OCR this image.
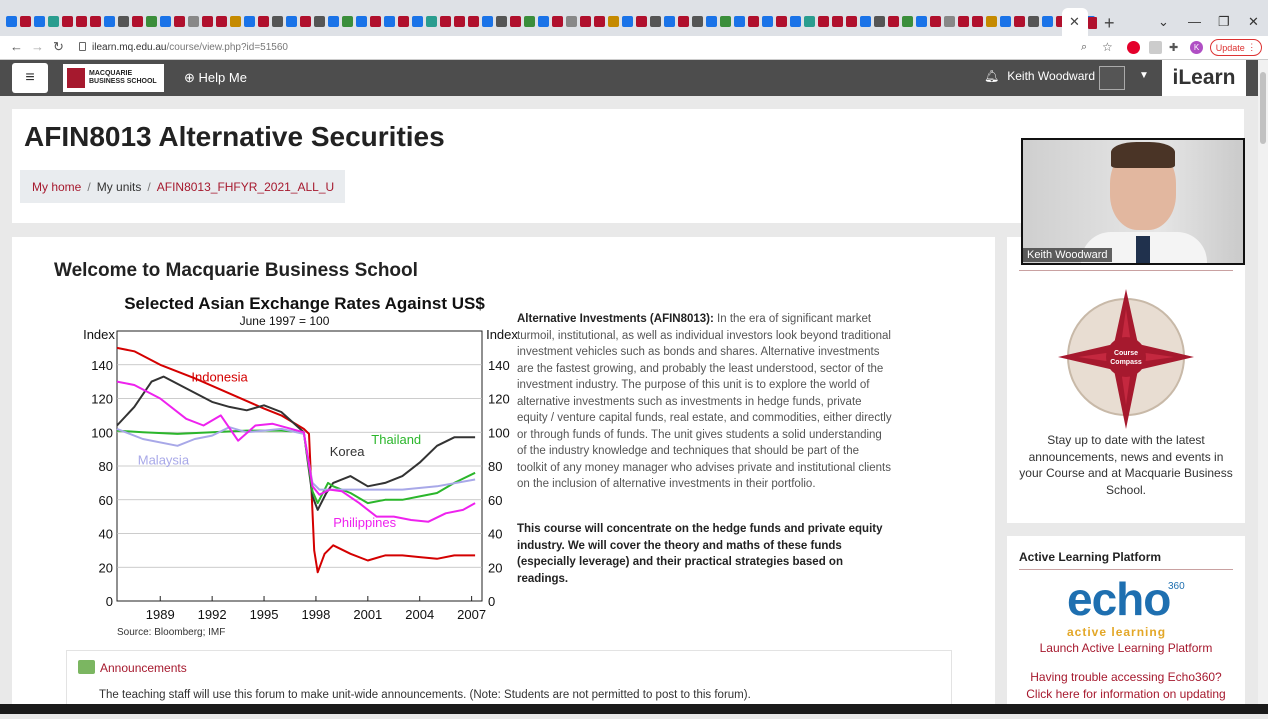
✕ +	⌄ — ❐ ✕
← → ↻	ilearn.mq.edu.au/course/view.php?id=51560	⌕ ☆	✚	K	Update ⋮
≡	MACQUARIE
BUSINESS SCHOOL ⊕ Help Me	🔔︎ Keith Woodward	▼	iLearn
AFIN8013 Alternative Securities
My home / My units / AFIN8013_FHFYR_2021_ALL_U
Welcome to Macquarie Business School
0	0
20	20
40	40
60	60
80	80
100	100
120	120
140	140
1989 1992 1995 1998 2001 2004 2007
Index	Index
Selected Asian Exchange Rates Against US$
June 1997 = 100
Source: Bloomberg; IMF
Indonesia
Korea
Thailand
Malaysia
Philippines
Alternative Investments (AFIN8013): In the era of significant market turmoil, institutional, as well as individual investors look beyond traditional investment vehicles such as bonds and shares. Alternative investments are the fastest growing, and probably the least understood, sector of the investment industry. The purpose of this unit is to explore the world of alternative investments such as investments in hedge funds, private equity / venture capital funds, real estate, and commodities, either directly or through funds of funds. The unit gives students a solid understanding of the industry knowledge and techniques that should be part of the toolkit of any money manager who advises private and institutional clients on the inclusion of alternative investments in their portfolio.
This course will concentrate on the hedge funds and private equity industry. We will cover the theory and maths of these funds (especially leverage) and their practical strategies based on readings.
Announcements
The teaching staff will use this forum to make unit-wide announcements. (Note: Students are not permitted to post to this forum).
Course
Compass
Stay up to date with the latest announcements, news and events in your Course and at Macquarie Business School.
Keith Woodward
Active Learning Platform
echo
360
active learning
Launch Active Learning Platform
Having trouble accessing Echo360? Click here for information on updating
